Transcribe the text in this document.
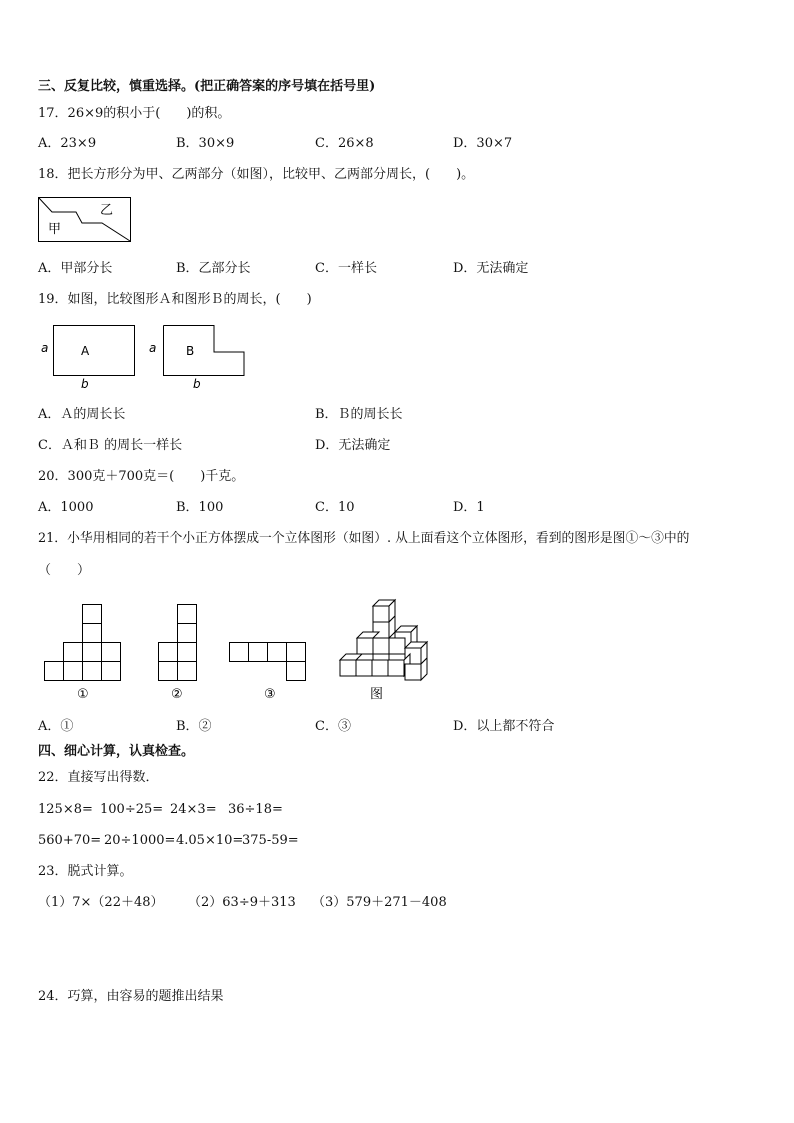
三、反复比较，慎重选择。(把正确答案的序号填在括号里)
17．26×9的积小于(　　)的积。
A．23×9	B．30×9	C．26×8	D．30×7
18．把长方形分为甲、乙两部分（如图），比较甲、乙两部分周长，(　　)。
乙
甲
A．甲部分长	B．乙部分长	C．一样长	D．无法确定
19．如图，比较图形Ａ和图形Ｂ的周长，(　　)
a	A
b
a B
b
A．Ａ的周长长	B．Ｂ的周长长
C．Ａ和Ｂ 的周长一样长	D．无法确定
20．300克＋700克＝(　　)千克。
A．1000	B．100	C．10	D．1
21．小华用相同的若干个小正方体摆成一个立体图形（如图）. 从上面看这个立体图形，看到的图形是图①～③中的
（　　）
①	②	③	图
A．①	B．②	C．③	D．以上都不符合
四、细心计算，认真检查。
22．直接写出得数．
125×8= 100÷25= 24×3= 36÷18=
560+70= 20÷1000= 4.05×10=
375-59=
23．脱式计算。
（1）7×（22＋48） （2）63÷9＋313 （3）579＋271－408
24．巧算，由容易的题推出结果
